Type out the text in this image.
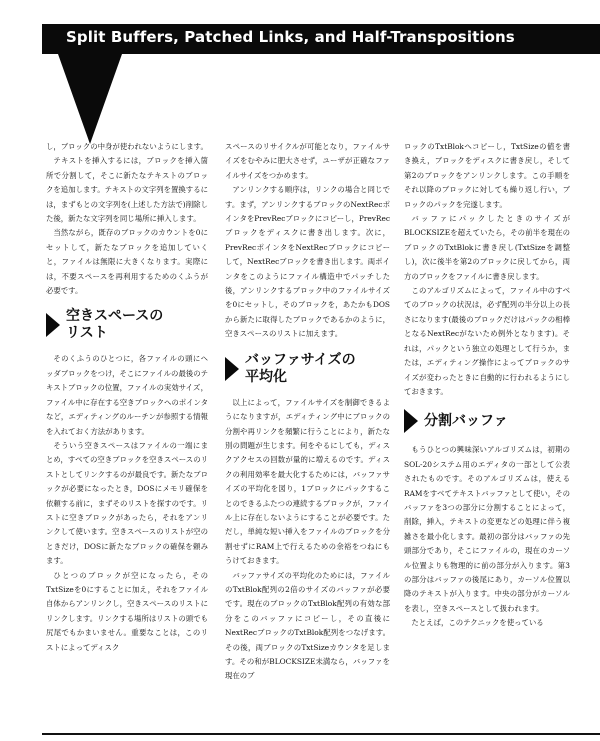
Split Buffers, Patched Links, and Half-Transpositions

し，ブロックの中身が使われないようにします。

テキストを挿入するには，ブロックを挿入箇所で分割して，そこに新たなテキストのブロックを追加します。テキストの文字列を置換するには，まずもとの文字列を(上述した方法で)削除した後，新たな文字列を同じ場所に挿入します。

当然ながら，既存のブロックのカウントを0にセットして，新たなブロックを追加していくと，ファイルは無限に大きくなります。実際には，不要スペースを再利用するためのくふうが必要です。

空きスペースの
リスト

そのくふうのひとつに，各ファイルの頭にヘッダブロックをつけ，そこにファイルの最後のテキストブロックの位置，ファイルの実効サイズ，ファイル中に存在する空きブロックへのポインタなど，エディティングのルーチンが参照する情報を入れておく方法があります。

そういう空きスペースはファイルの一端にまとめ，すべての空きブロックを空きスペースのリストとしてリンクするのが最良です。新たなブロックが必要になったとき，DOSにメモリ確保を依頼する前に，まずそのリストを探すのです。リストに空きブロックがあったら，それをアンリンクして使います。空きスペースのリストが空のときだけ，DOSに新たなブロックの確保を頼みます。

ひとつのブロックが空になったら，そのTxtSizeを0にすることに加え，それをファイル自体からアンリンクし，空きスペースのリストにリンクします。リンクする場所はリストの頭でも尻尾でもかまいません。重要なことは，このリストによってディスク

スペースのリサイクルが可能となり，ファイルサイズをむやみに肥大させず，ユーザが正確なファイルサイズをつかめます。

アンリンクする順序は，リンクの場合と同じです。まず，アンリンクするブロックのNextRecポインタをPrevRecブロックにコピーし，PrevRecブロックをディスクに書き出します。次に，PrevRecポインタをNextRecブロックにコピーして，NextRecブロックを書き出します。両ポインタをこのようにファイル構造中でパッチした後，アンリンクするブロック中のファイルサイズを0にセットし，そのブロックを，あたかもDOSから新たに取得したブロックであるかのように，空きスペースのリストに加えます。

バッファサイズの
平均化

以上によって，ファイルサイズを制御できるようになりますが，エディティング中にブロックの分割や再リンクを頻繁に行うことにより，新たな別の問題が生じます。何をやるにしても，ディスクアクセスの回数が量的に増えるのです。ディスクの利用効率を最大化するためには，バッファサイズの平均化を図り，1ブロックにパックすることのできるふたつの連続するブロックが，ファイル上に存在しないようにすることが必要です。ただし，単純な短い挿入をファイルのブロックを分割せずにRAM上で行えるための余裕をつねにもうけておきます。

バッファサイズの平均化のためには，ファイルのTxtBlok配列の2倍のサイズのバッファが必要です。現在のブロックのTxtBlok配列の有効な部分をこのバッファにコピーし，その直後にNextRecブロックのTxtBlok配列をつなげます。その後，両ブロックのTxtSizeカウンタを足します。その和がBLOCKSIZE未満なら，バッファを現在のブ

ロックのTxtBlokへコピーし，TxtSizeの値を書き換え，ブロックをディスクに書き戻し，そして第2のブロックをアンリンクします。この手順をそれ以降のブロックに対しても繰り返し行い，ブロックのパックを完遂します。

バッファにパックしたときのサイズがBLOCKSIZEを超えていたら，その前半を現在のブロックのTxtBlokに書き戻し(TxtSizeを調整し)，次に後半を第2のブロックに戻してから，両方のブロックをファイルに書き戻します。

このアルゴリズムによって，ファイル中のすべてのブロックの状況は，必ず配列の半分以上の長さになります(最後のブロックだけはパックの相棒となるNextRecがないため例外となります)。それは，パックという独立の処理として行うか，または，エディティング操作によってブロックのサイズが変わったときに自動的に行われるようにしておきます。

分割バッファ

もうひとつの興味深いアルゴリズムは，初期のSOL-20システム用のエディタの一部として公表されたものです。そのアルゴリズムは，使えるRAMをすべてテキストバッファとして使い，そのバッファを3つの部分に分割することによって，削除，挿入，テキストの変更などの処理に伴う複雑さを最小化します。最初の部分はバッファの先頭部分であり，そこにファイルの，現在のカーソル位置よりも物理的に前の部分が入ります。第3の部分はバッファの後尾にあり，カーソル位置以降のテキストが入ります。中央の部分がカーソルを表し，空きスペースとして扱われます。

たとえば，このテクニックを使っている
